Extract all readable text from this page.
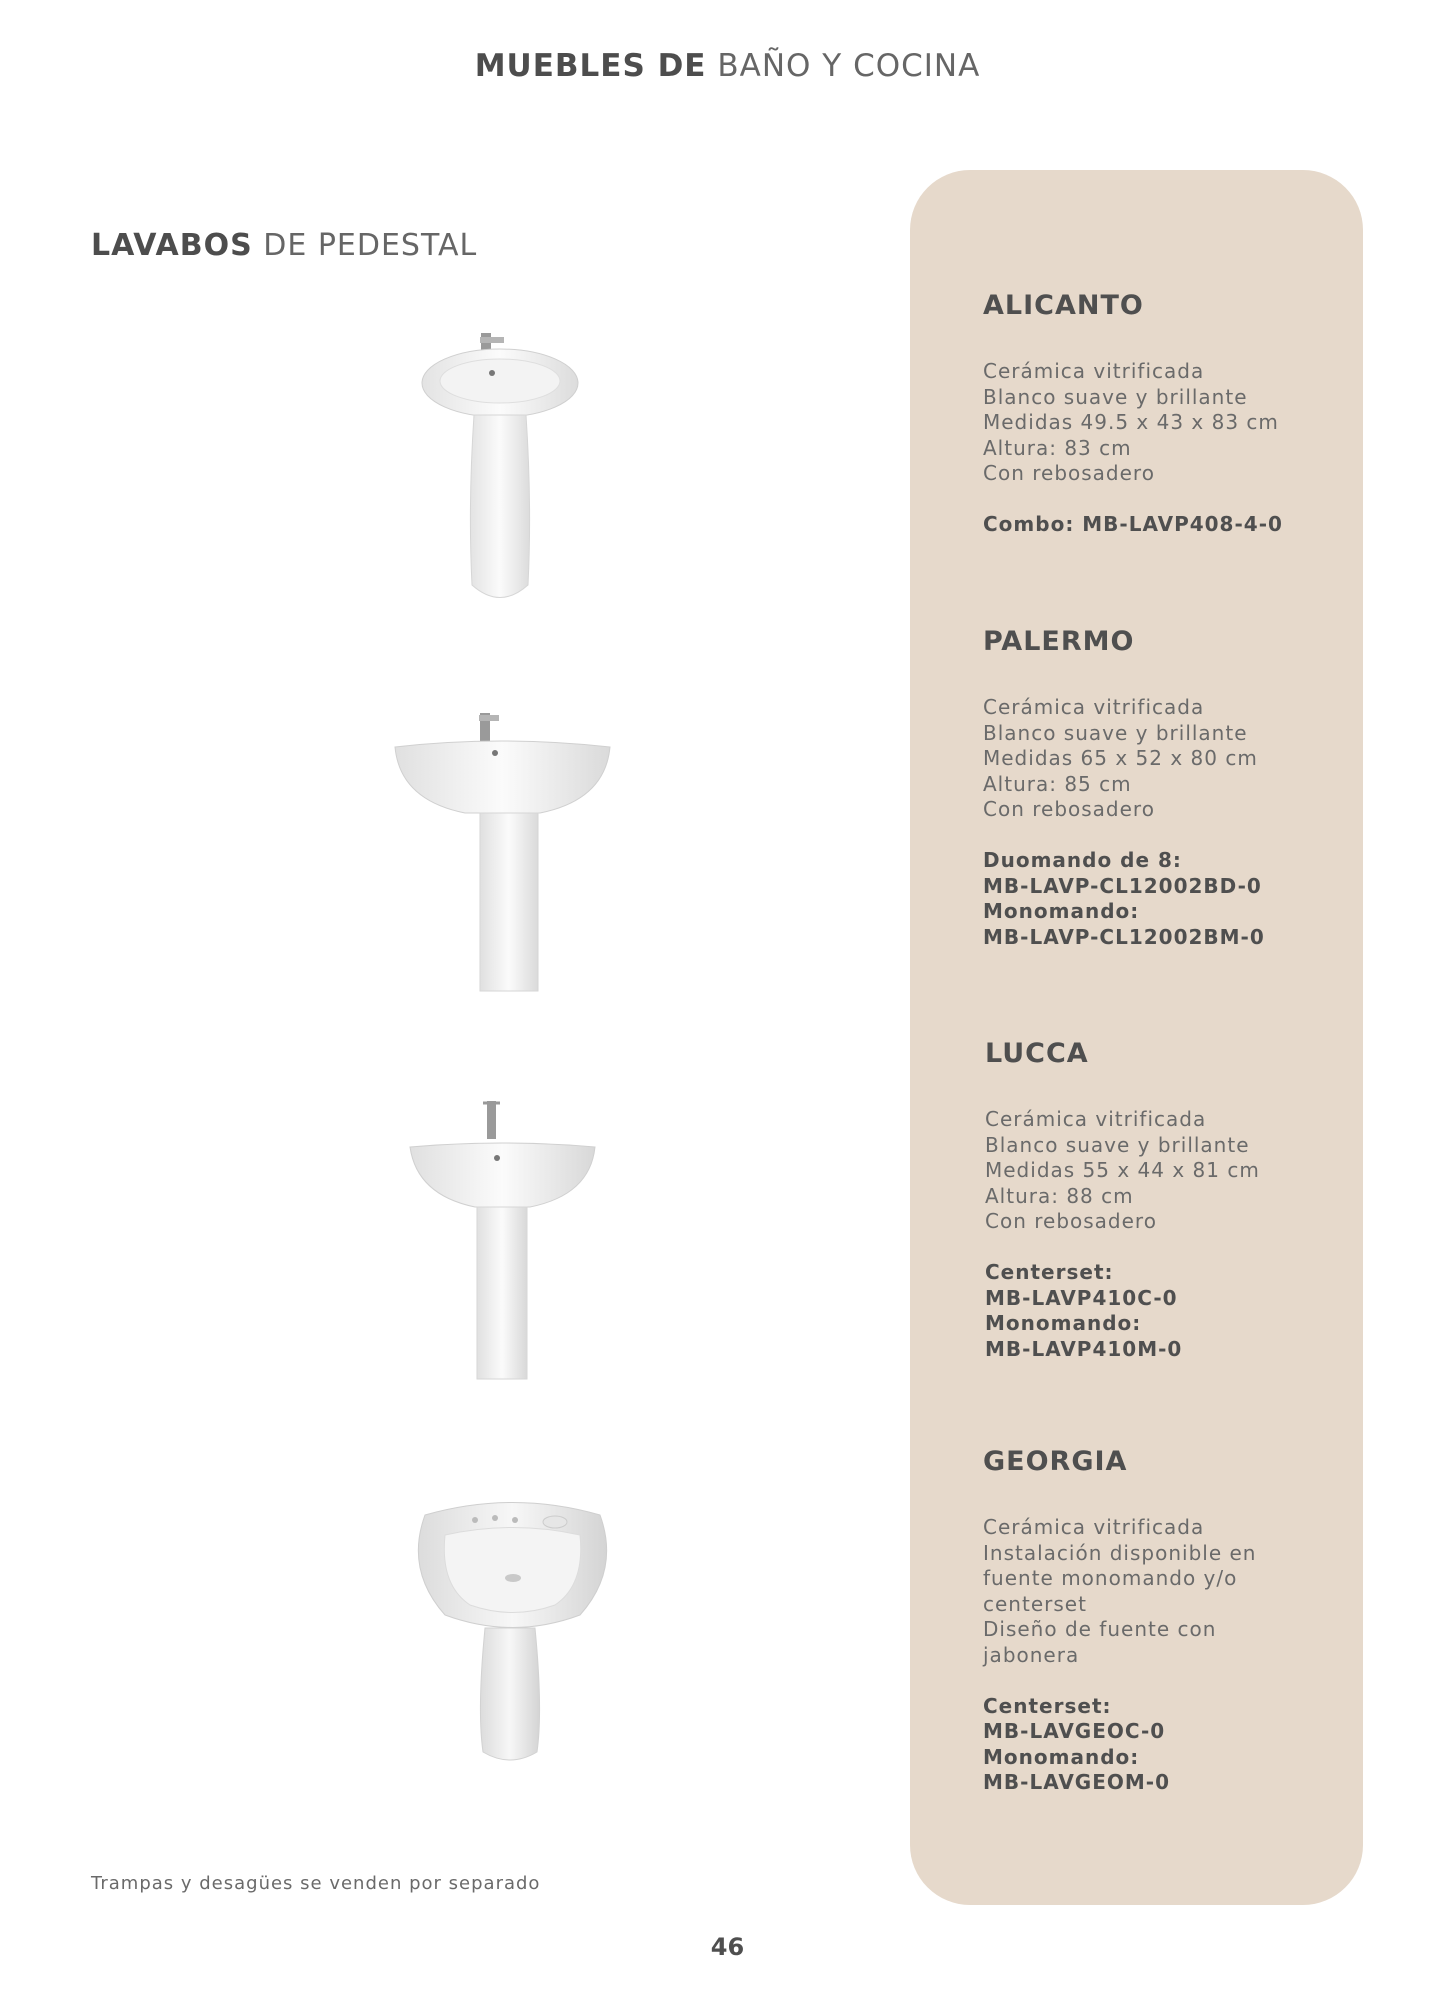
MUEBLES DE BAÑO Y COCINA
LAVABOS DE PEDESTAL
ALICANTO
Cerámica vitrificada
Blanco suave y brillante
Medidas 49.5 x 43 x 83 cm
Altura: 83 cm
Con rebosadero
Combo: MB-LAVP408-4-0
PALERMO
Cerámica vitrificada
Blanco suave y brillante
Medidas 65 x 52 x 80 cm
Altura: 85 cm
Con rebosadero
Duomando de 8:
MB-LAVP-CL12002BD-0
Monomando:
MB-LAVP-CL12002BM-0
LUCCA
Cerámica vitrificada
Blanco suave y brillante
Medidas 55 x 44 x 81 cm
Altura: 88 cm
Con rebosadero
Centerset:
MB-LAVP410C-0
Monomando:
MB-LAVP410M-0
GEORGIA
Cerámica vitrificada
Instalación disponible en
fuente monomando y/o
centerset
Diseño de fuente con
jabonera
Centerset:
MB-LAVGEOC-0
Monomando:
MB-LAVGEOM-0
Trampas y desagües se venden por separado
46
